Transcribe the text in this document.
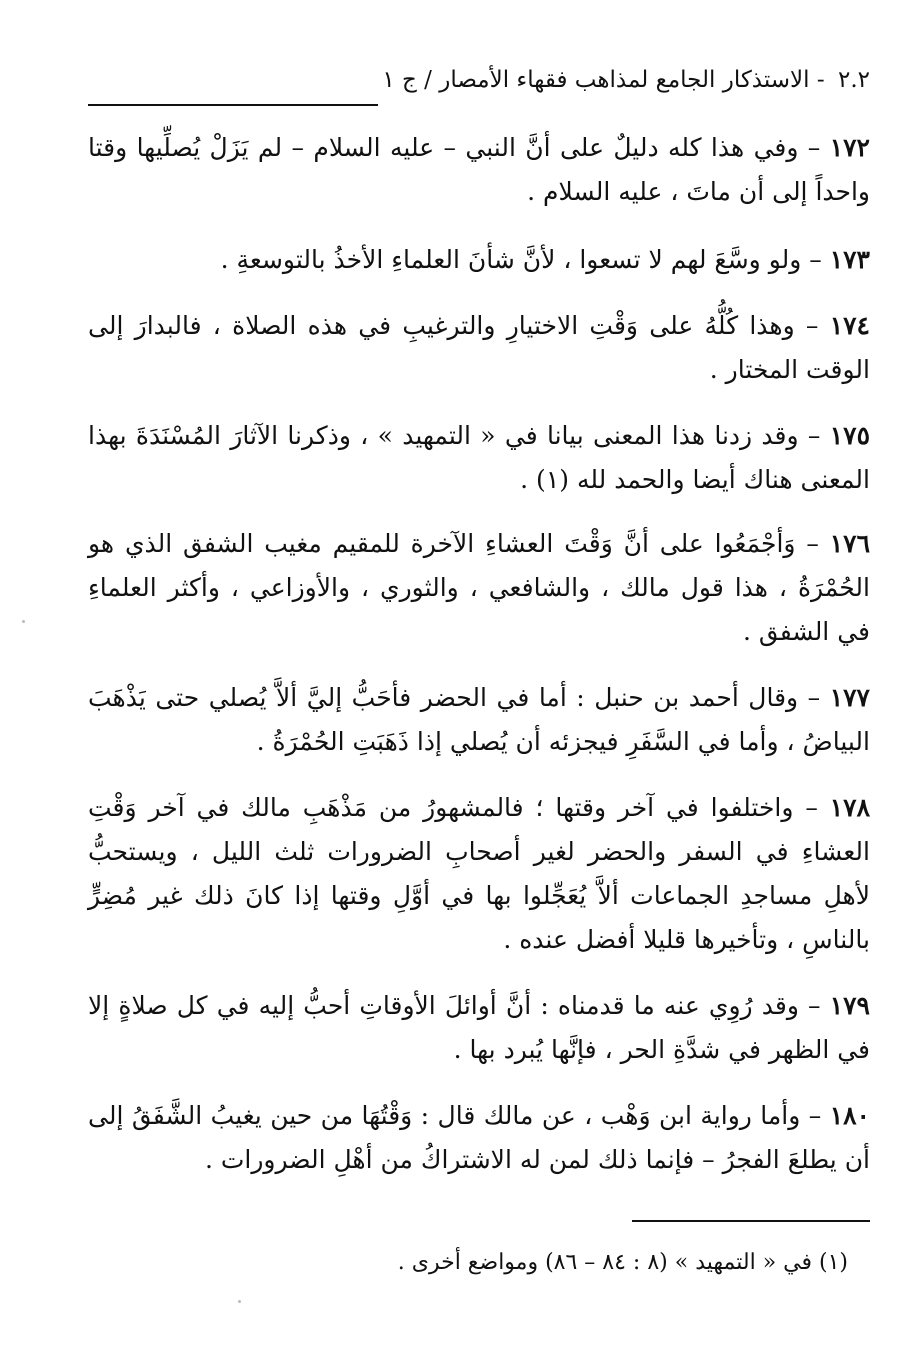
٢.٢ - الاستذكار الجامع لمذاهب فقهاء الأمصار / ج ١
١٧٢ – وفي هذا كله دليلٌ على أنَّ النبي – عليه السلام – لم يَزَلْ يُصلِّيها وقتا واحداً إلى أن ماتَ ، عليه السلام .
١٧٣ – ولو وسَّعَ لهم لا تسعوا ، لأنَّ شأنَ العلماءِ الأخذُ بالتوسعةِ .
١٧٤ – وهذا كُلُّهُ على وَقْتِ الاختيارِ والترغيبِ في هذه الصلاة ، فالبدارَ إلى الوقت المختار .
١٧٥ – وقد زدنا هذا المعنى بيانا في « التمهيد » ، وذكرنا الآثارَ المُسْنَدَةَ بهذا المعنى هناك أيضا والحمد لله (١) .
١٧٦ – وَأجْمَعُوا على أنَّ وَقْتَ العشاءِ الآخرة للمقيم مغيب الشفق الذي هو الحُمْرَةُ ، هذا قول مالك ، والشافعي ، والثوري ، والأوزاعي ، وأكثر العلماءِ في الشفق .
١٧٧ – وقال أحمد بن حنبل : أما في الحضر فأحَبُّ إليَّ ألاَّ يُصلي حتى يَذْهَبَ البياضُ ، وأما في السَّفَرِ فيجزئه أن يُصلي إذا ذَهَبَتِ الحُمْرَةُ .
١٧٨ – واختلفوا في آخر وقتها ؛ فالمشهورُ من مَذْهَبِ مالك في آخر وَقْتِ العشاءِ في السفر والحضر لغير أصحابِ الضرورات ثلث الليل ، ويستحبُّ لأهلِ مساجدِ الجماعات ألاَّ يُعَجِّلوا بها في أوَّلِ وقتها إذا كانَ ذلك غير مُضِرٍّ بالناسِ ، وتأخيرها قليلا أفضل عنده .
١٧٩ – وقد رُوِي عنه ما قدمناه : أنَّ أوائلَ الأوقاتِ أحبُّ إليه في كل صلاةٍ إلا في الظهر في شدَّةِ الحر ، فإنَّها يُبرد بها .
١٨٠ – وأما رواية ابن وَهْب ، عن مالك قال : وَقْتُهَا من حين يغيبُ الشَّفَقُ إلى أن يطلعَ الفجرُ – فإنما ذلك لمن له الاشتراكُ من أهْلِ الضرورات .
(١) في « التمهيد » (٨ : ٨٤ – ٨٦) ومواضع أخرى .
